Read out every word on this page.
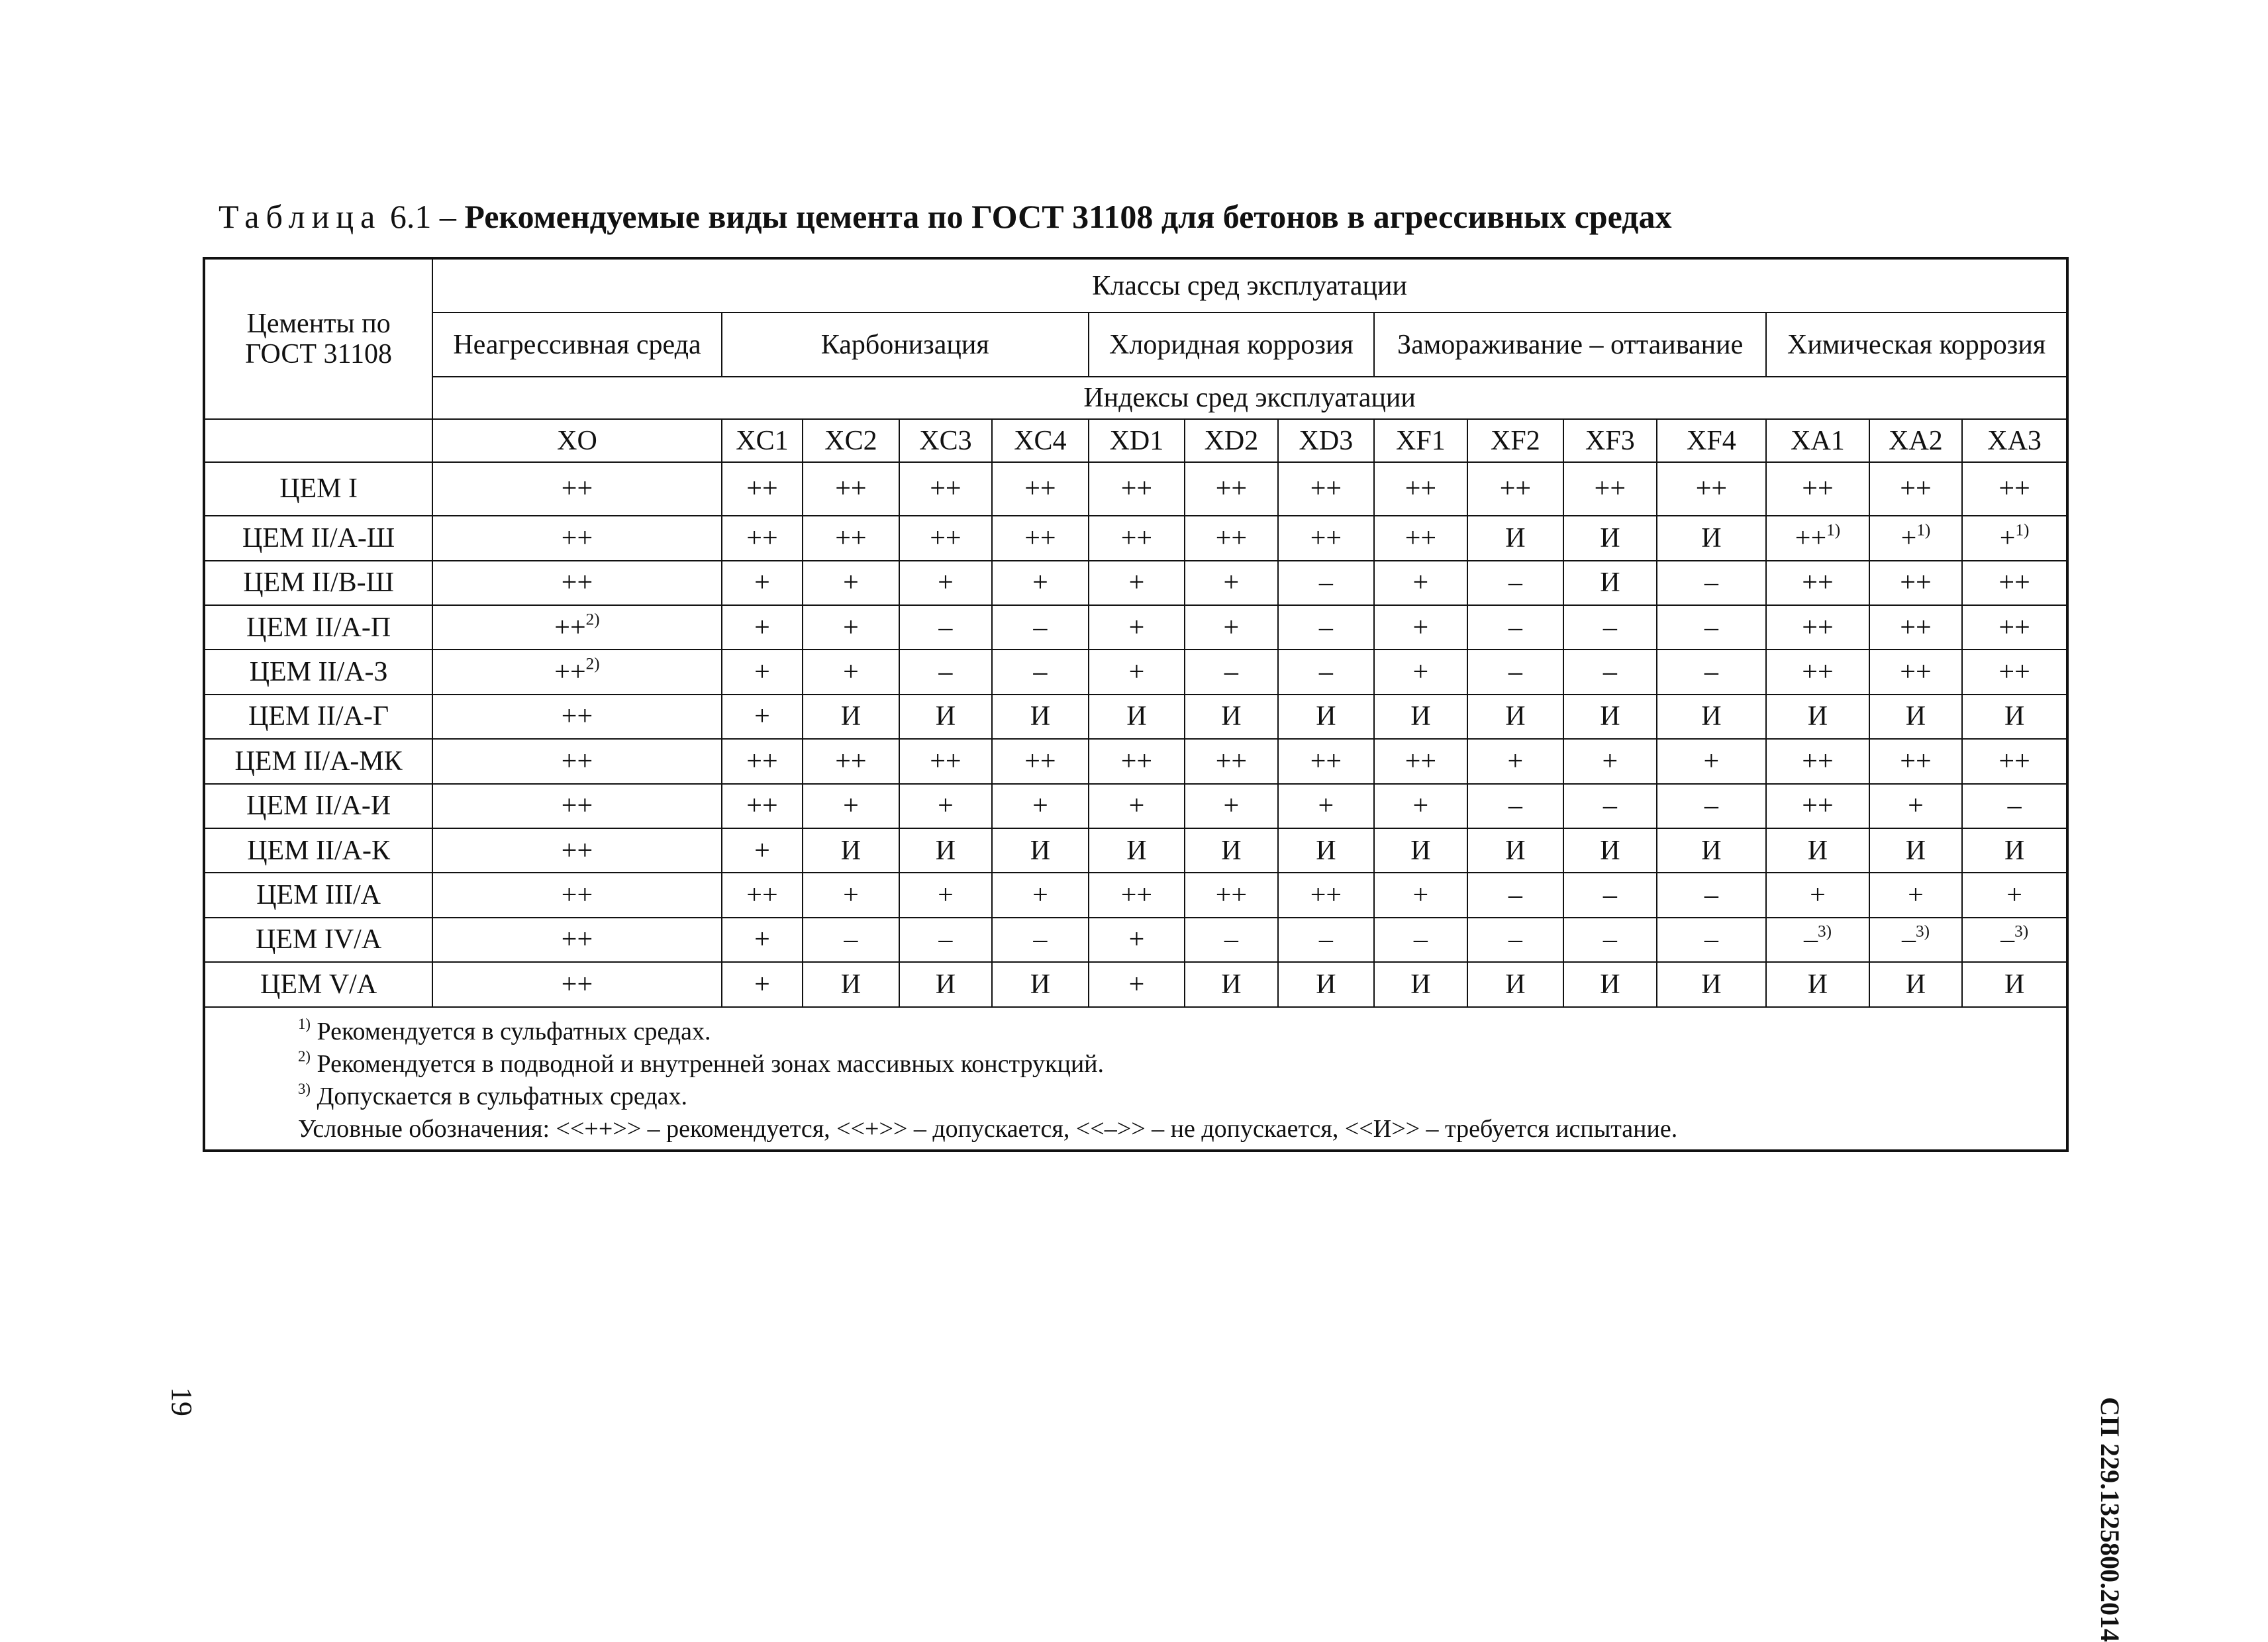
Таблица 6.1 – Рекомендуемые виды цемента по ГОСТ 31108 для бетонов в агрессивных средах
Цементы по ГОСТ 31108	Классы сред эксплуатации														
	Неагрессивная среда	Карбонизация				Хлоридная коррозия			Замораживание – оттаивание				Химическая коррозия		
	Индексы сред эксплуатации														
	XO	XC1	XC2	XC3	XC4	XD1	XD2	XD3	XF1	XF2	XF3	XF4	XA1	XA2	XA3
ЦЕМ I	++	++	++	++	++	++	++	++	++	++	++	++	++	++	++
ЦЕМ II/А-Ш	++	++	++	++	++	++	++	++	++	И	И	И	++$^{1)}$	+$^{1)}$	+$^{1)}$
ЦЕМ II/В-Ш	++	+	+	+	+	+	+	–	+	–	И	–	++	++	++
ЦЕМ II/А-П	++$^{2)}$	+	+	–	–	+	+	–	+	–	–	–	++	++	++
ЦЕМ II/А-З	++$^{2)}$	+	+	–	–	+	–	–	+	–	–	–	++	++	++
ЦЕМ II/А-Г	++	+	И	И	И	И	И	И	И	И	И	И	И	И	И
ЦЕМ II/А-МК	++	++	++	++	++	++	++	++	++	+	+	+	++	++	++
ЦЕМ II/А-И	++	++	+	+	+	+	+	+	+	–	–	–	++	+	–
ЦЕМ II/А-К	++	+	И	И	И	И	И	И	И	И	И	И	И	И	И
ЦЕМ III/А	++	++	+	+	+	++	++	++	+	–	–	–	+	+	+
ЦЕМ IV/А	++	+	–	–	–	+	–	–	–	–	–	–	–$^{3)}$	–$^{3)}$	–$^{3)}$
ЦЕМ V/А	++	+	И	И	И	+	И	И	И	И	И	И	И	И	И

$^{1)}$ Рекомендуется в сульфатных средах.
$^{2)}$ Рекомендуется в подводной и внутренней зонах массивных конструкций.
$^{3)}$ Допускается в сульфатных средах.
Условные обозначения: <<++>> – рекомендуется, <<+>> – допускается, <<–>> – не допускается, <<И>> – требуется испытание.															
СП 229.1325800.2014
19
